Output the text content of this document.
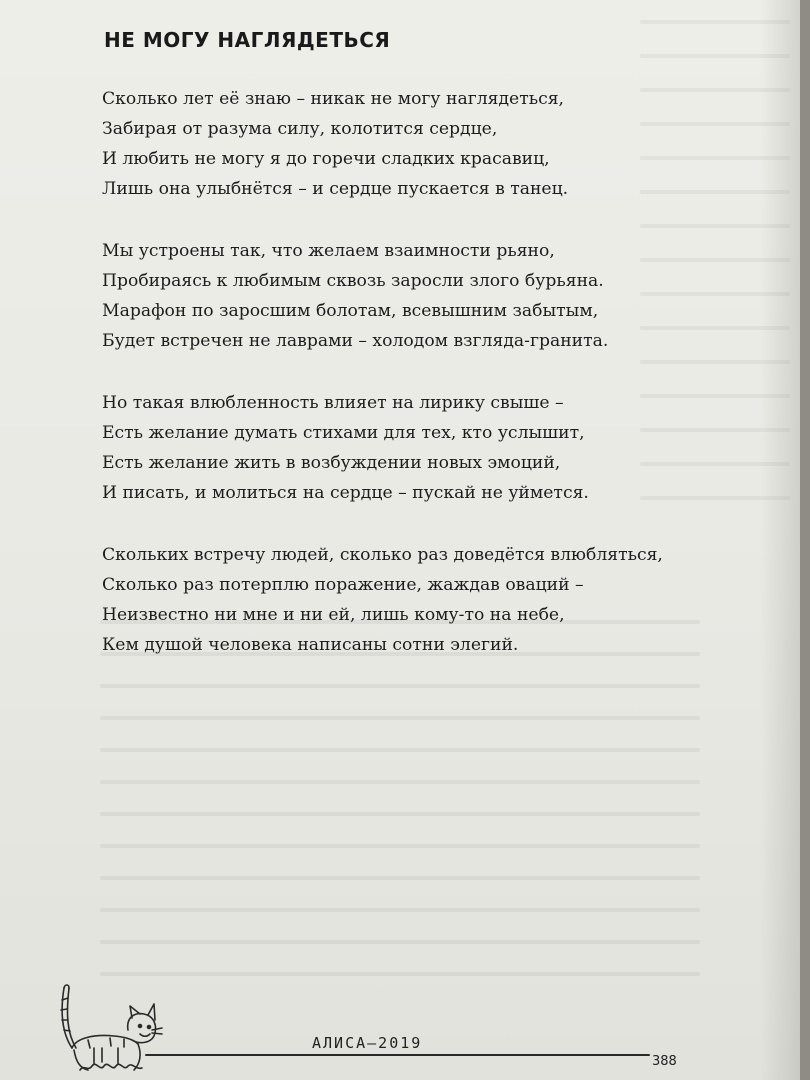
НЕ МОГУ НАГЛЯДЕТЬСЯ
Сколько лет её знаю – никак не могу наглядеться,
Забирая от разума силу, колотится сердце,
И любить не могу я до горечи сладких красавиц,
Лишь она улыбнётся – и сердце пускается в танец.
Мы устроены так, что желаем взаимности рьяно,
Пробираясь к любимым сквозь заросли злого бурьяна.
Марафон по заросшим болотам, всевышним забытым,
Будет встречен не лаврами – холодом взгляда-гранита.
Но такая влюбленность влияет на лирику свыше –
Есть желание думать стихами для тех, кто услышит,
Есть желание жить в возбуждении новых эмоций,
И писать, и молиться на сердце – пускай не уймется.
Скольких встречу людей, сколько раз доведётся влюбляться,
Сколько раз потерплю поражение, жаждав оваций –
Неизвестно ни мне и ни ей, лишь кому-то на небе,
Кем душой человека написаны сотни элегий.
АЛИСА–2019
388
